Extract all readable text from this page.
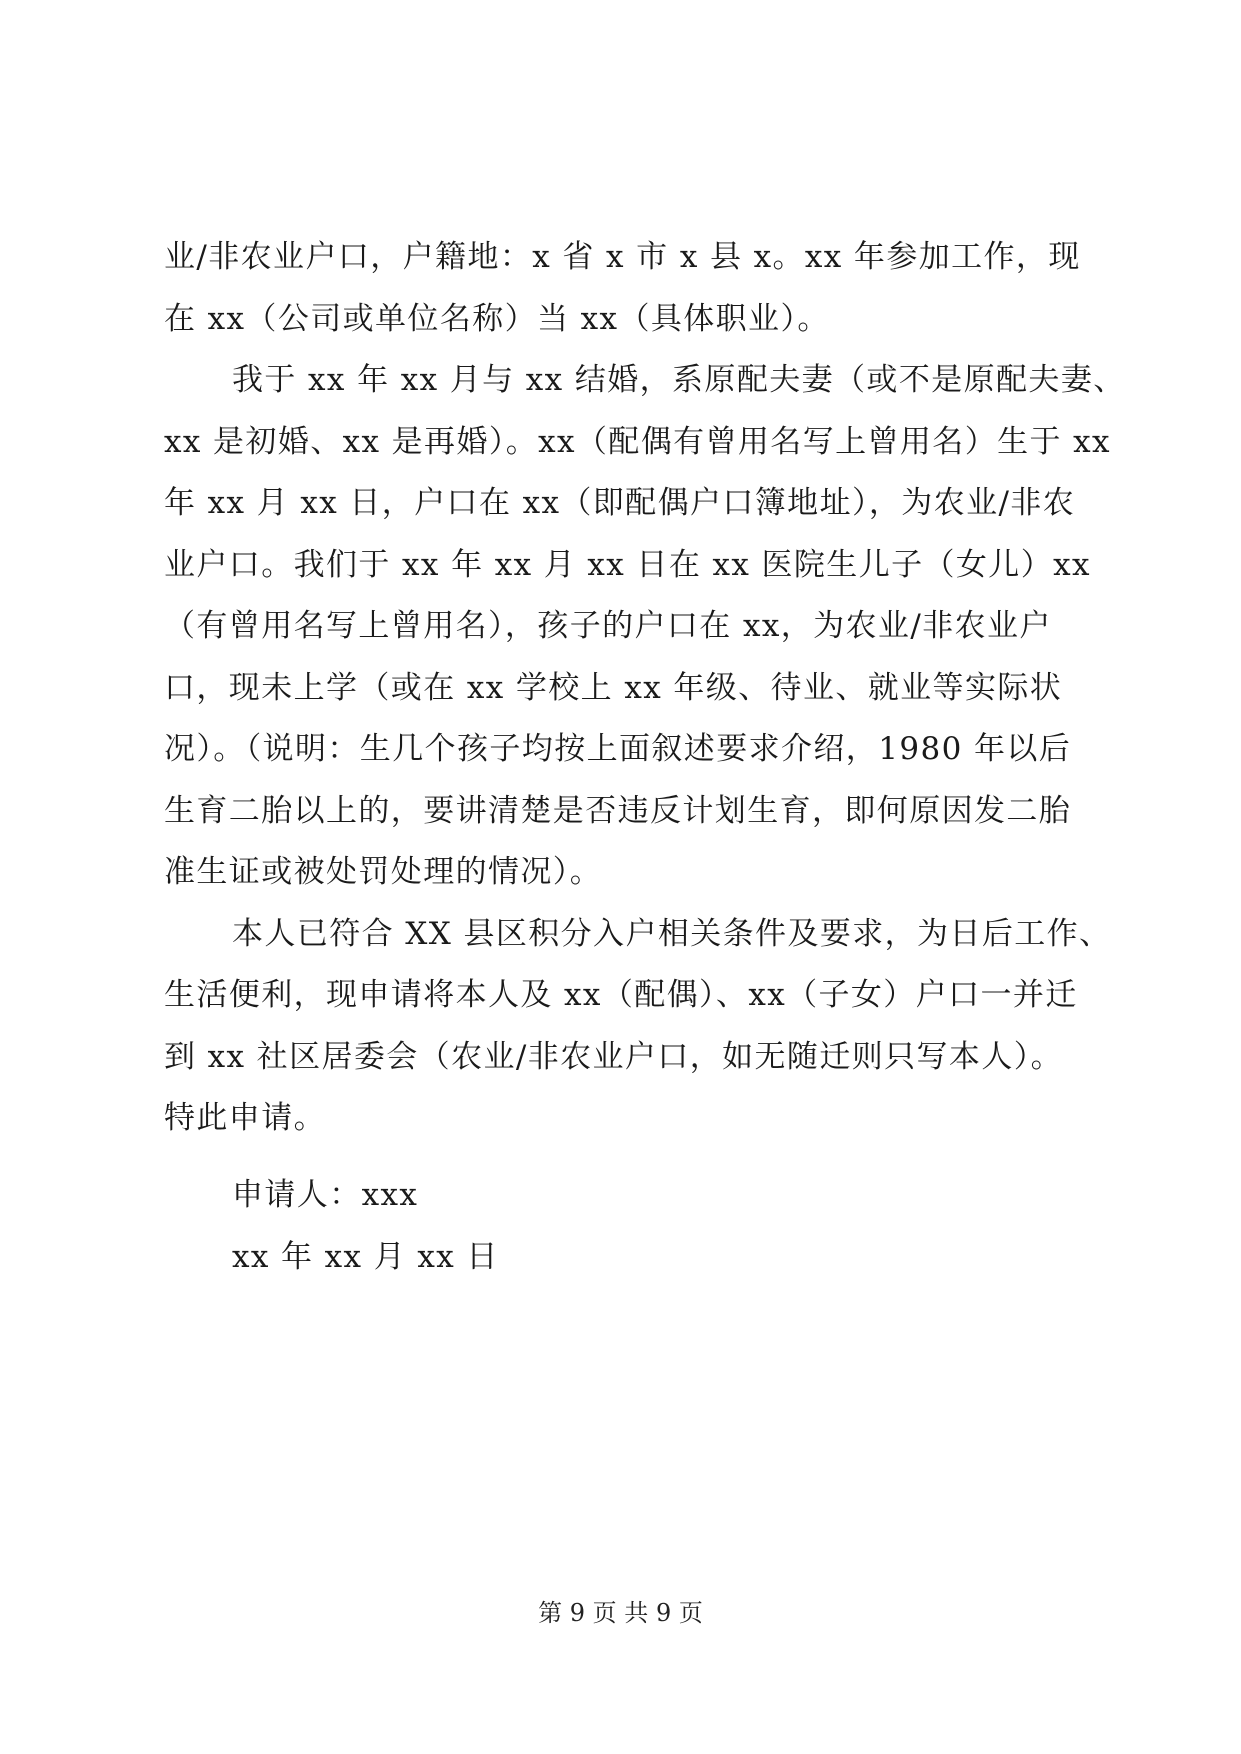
业/非农业户口，户籍地：x 省 x 市 x 县 x。xx 年参加工作，现
在 xx（公司或单位名称）当 xx（具体职业）。
我于 xx 年 xx 月与 xx 结婚，系原配夫妻（或不是原配夫妻、
xx 是初婚、xx 是再婚）。xx（配偶有曾用名写上曾用名）生于 xx
年 xx 月 xx 日，户口在 xx（即配偶户口簿地址），为农业/非农
业户口。我们于 xx 年 xx 月 xx 日在 xx 医院生儿子（女儿）xx
（有曾用名写上曾用名），孩子的户口在 xx，为农业/非农业户
口，现未上学（或在 xx 学校上 xx 年级、待业、就业等实际状
况）。（说明：生几个孩子均按上面叙述要求介绍，1980 年以后
生育二胎以上的，要讲清楚是否违反计划生育，即何原因发二胎
准生证或被处罚处理的情况）。
本人已符合 XX 县区积分入户相关条件及要求，为日后工作、
生活便利，现申请将本人及 xx（配偶）、xx（子女）户口一并迁
到 xx 社区居委会（农业/非农业户口，如无随迁则只写本人）。
特此申请。
申请人：xxx
xx 年 xx 月 xx 日
第 9 页 共 9 页
